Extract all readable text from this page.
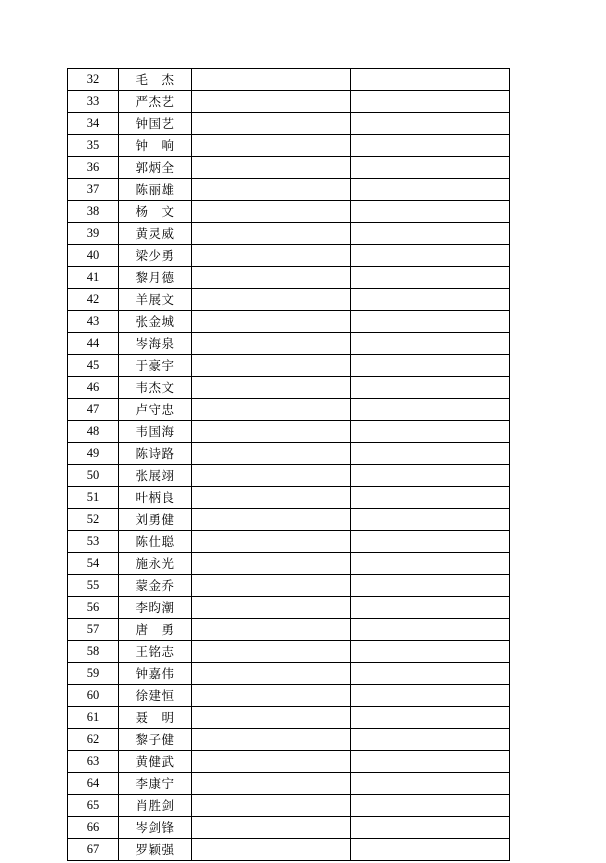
32	毛　杰		
33	严杰艺		
34	钟国艺		
35	钟　响		
36	郭炳全		
37	陈丽雄		
38	杨　文		
39	黄灵威		
40	梁少勇		
41	黎月德		
42	羊展文		
43	张金城		
44	岑海泉		
45	于豪宇		
46	韦杰文		
47	卢守忠		
48	韦国海		
49	陈诗路		
50	张展翊		
51	叶柄良		
52	刘勇健		
53	陈仕聪		
54	施永光		
55	蒙金乔		
56	李昀潮		
57	唐　勇		
58	王铭志		
59	钟嘉伟		
60	徐建恒		
61	聂　明		
62	黎子健		
63	黄健武		
64	李康宁		
65	肖胜剑		
66	岑剑锋		
67	罗颖强		
